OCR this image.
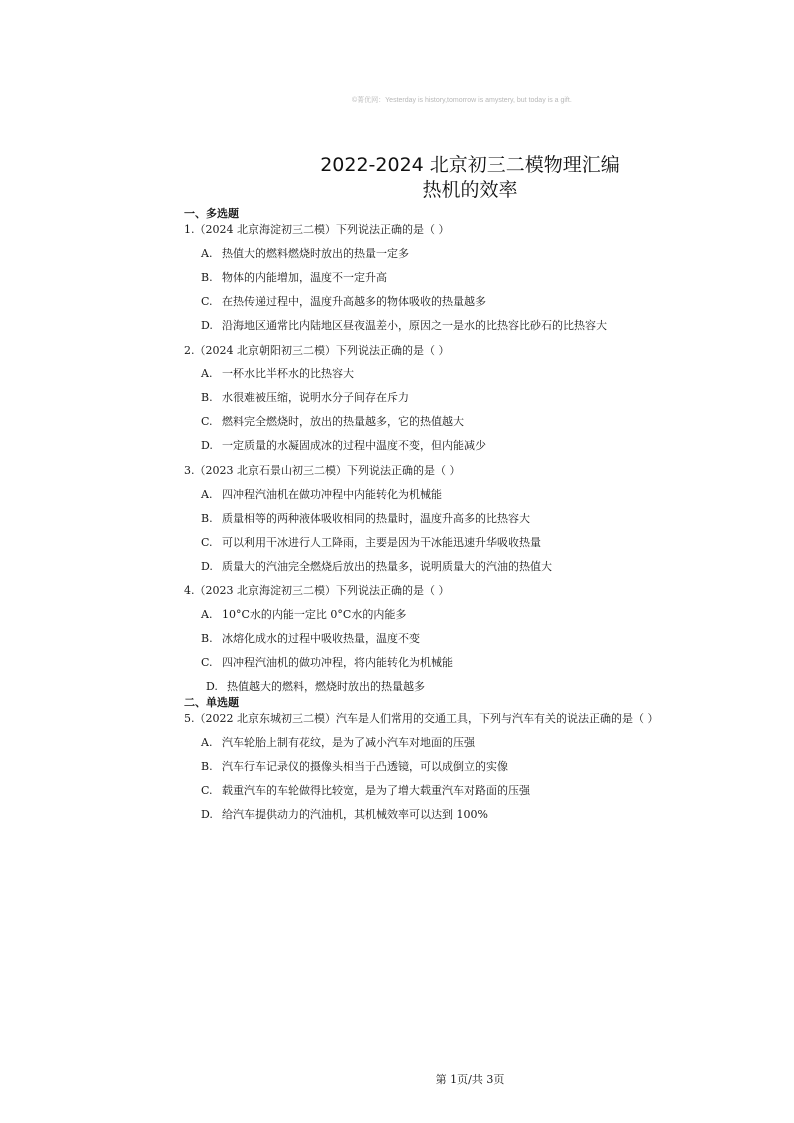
©菁优网：Yesterday is history,tomorrow is amystery, but today is a gift.
2022-2024 北京初三二模物理汇编
热机的效率
一、多选题
1.（2024 北京海淀初三二模）下列说法正确的是（ ）
A. 热值大的燃料燃烧时放出的热量一定多
B. 物体的内能增加，温度不一定升高
C. 在热传递过程中，温度升高越多的物体吸收的热量越多
D. 沿海地区通常比内陆地区昼夜温差小，原因之一是水的比热容比砂石的比热容大
2.（2024 北京朝阳初三二模）下列说法正确的是（ ）
A. 一杯水比半杯水的比热容大
B. 水很难被压缩，说明水分子间存在斥力
C. 燃料完全燃烧时，放出的热量越多，它的热值越大
D. 一定质量的水凝固成冰的过程中温度不变，但内能减少
3.（2023 北京石景山初三二模）下列说法正确的是（ ）
A. 四冲程汽油机在做功冲程中内能转化为机械能
B. 质量相等的两种液体吸收相同的热量时，温度升高多的比热容大
C. 可以利用干冰进行人工降雨，主要是因为干冰能迅速升华吸收热量
D. 质量大的汽油完全燃烧后放出的热量多，说明质量大的汽油的热值大
4.（2023 北京海淀初三二模）下列说法正确的是（ ）
A. 10°C水的内能一定比 0°C水的内能多
B. 冰熔化成水的过程中吸收热量，温度不变
C. 四冲程汽油机的做功冲程，将内能转化为机械能
D. 热值越大的燃料，燃烧时放出的热量越多
二、单选题
5.（2022 北京东城初三二模）汽车是人们常用的交通工具，下列与汽车有关的说法正确的是（ ）
A. 汽车轮胎上制有花纹，是为了减小汽车对地面的压强
B. 汽车行车记录仪的摄像头相当于凸透镜，可以成倒立的实像
C. 载重汽车的车轮做得比较宽，是为了增大载重汽车对路面的压强
D. 给汽车提供动力的汽油机，其机械效率可以达到 100%
第 1页/共 3页
